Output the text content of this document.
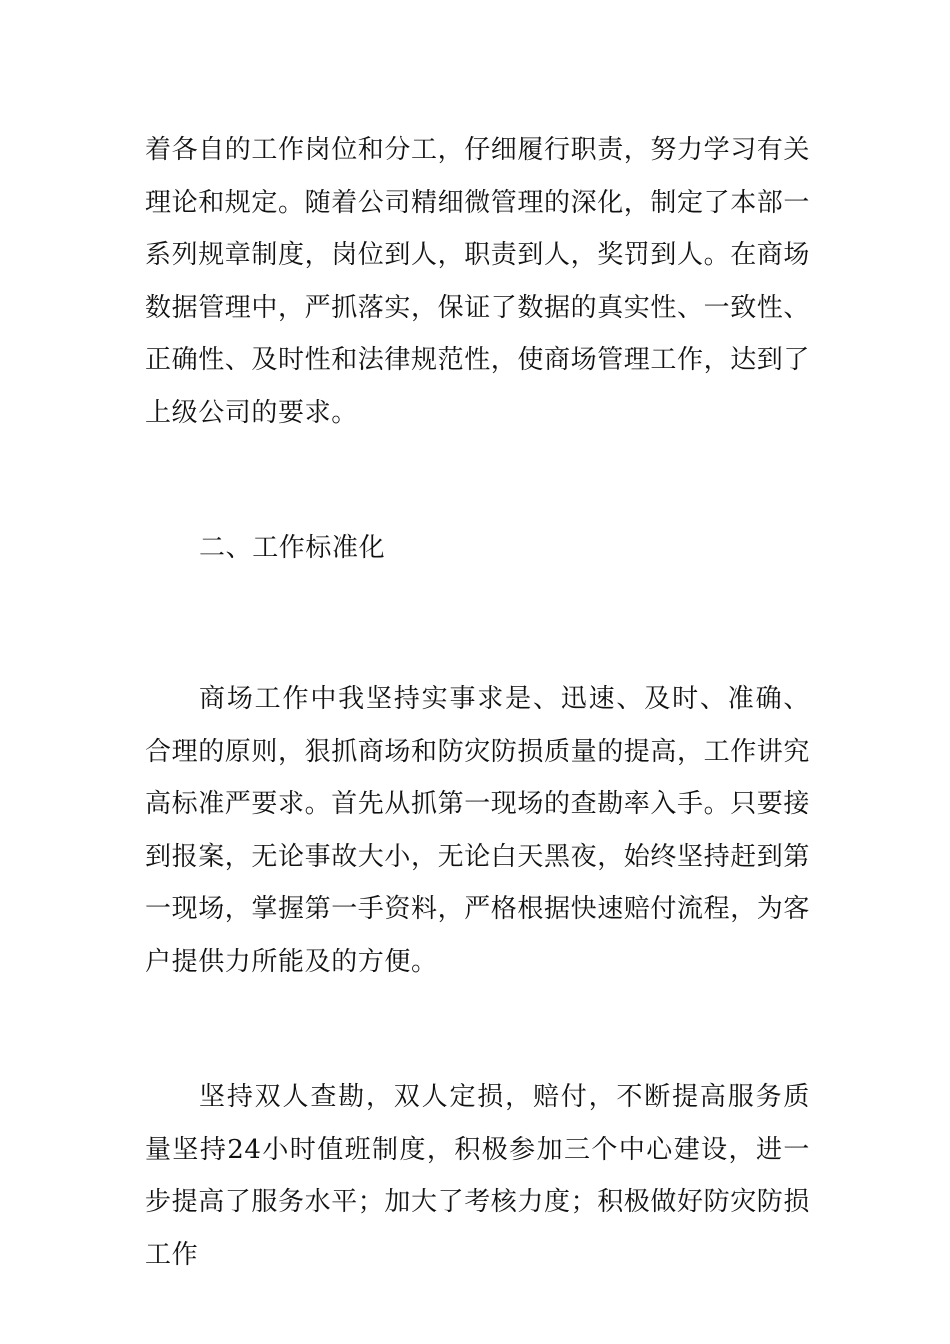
着各自的工作岗位和分工，仔细履行职责，努力学习有关理论和规定。随着公司精细微管理的深化，制定了本部一系列规章制度，岗位到人，职责到人，奖罚到人。在商场数据管理中，严抓落实，保证了数据的真实性、一致性、正确性、及时性和法律规范性，使商场管理工作，达到了上级公司的要求。

二、工作标准化

商场工作中我坚持实事求是、迅速、及时、准确、合理的原则，狠抓商场和防灾防损质量的提高，工作讲究高标准严要求。首先从抓第一现场的查勘率入手。只要接到报案，无论事故大小，无论白天黑夜，始终坚持赶到第一现场，掌握第一手资料，严格根据快速赔付流程，为客户提供力所能及的方便。

坚持双人查勘，双人定损，赔付，不断提高服务质量坚持24小时值班制度，积极参加三个中心建设，进一步提高了服务水平；加大了考核力度；积极做好防灾防损工作
